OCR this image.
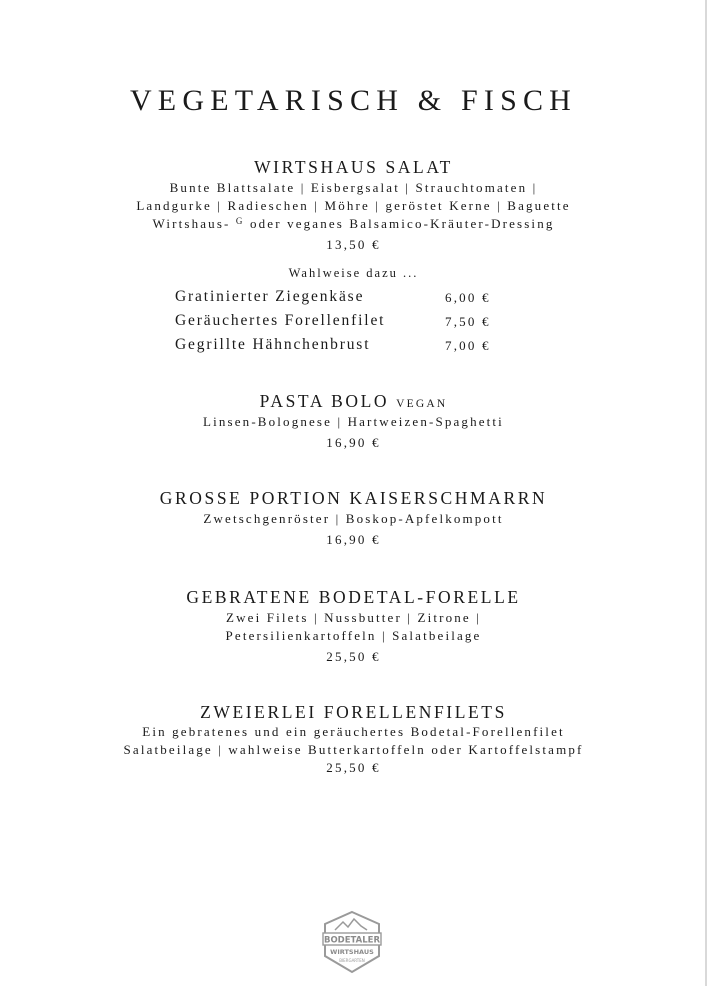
VEGETARISCH & FISCH
WIRTSHAUS SALAT
Bunte Blattsalate | Eisbergsalat | Strauchtomaten |
Landgurke | Radieschen | Möhre | geröstet Kerne | Baguette
Wirtshaus- $^G$ oder veganes Balsamico-Kräuter-Dressing
13,50 €
Wahlweise dazu ...
Gratinierter Ziegenkäse	6,00 €
Geräuchertes Forellenfilet	7,50 €
Gegrillte Hähnchenbrust	7,00 €
PASTA BOLO VEGAN
Linsen-Bolognese | Hartweizen-Spaghetti
16,90 €
GROSSE PORTION KAISERSCHMARRN
Zwetschgenröster | Boskop-Apfelkompott
16,90 €
GEBRATENE BODETAL-FORELLE
Zwei Filets | Nussbutter | Zitrone |
Petersilienkartoffeln | Salatbeilage
25,50 €
ZWEIERLEI FORELLENFILETS
Ein gebratenes und ein geräuchertes Bodetal-Forellenfilet
Salatbeilage | wahlweise Butterkartoffeln oder Kartoffelstampf
25,50 €
BODETALER
WIRTSHAUS
BIERGARTEN
